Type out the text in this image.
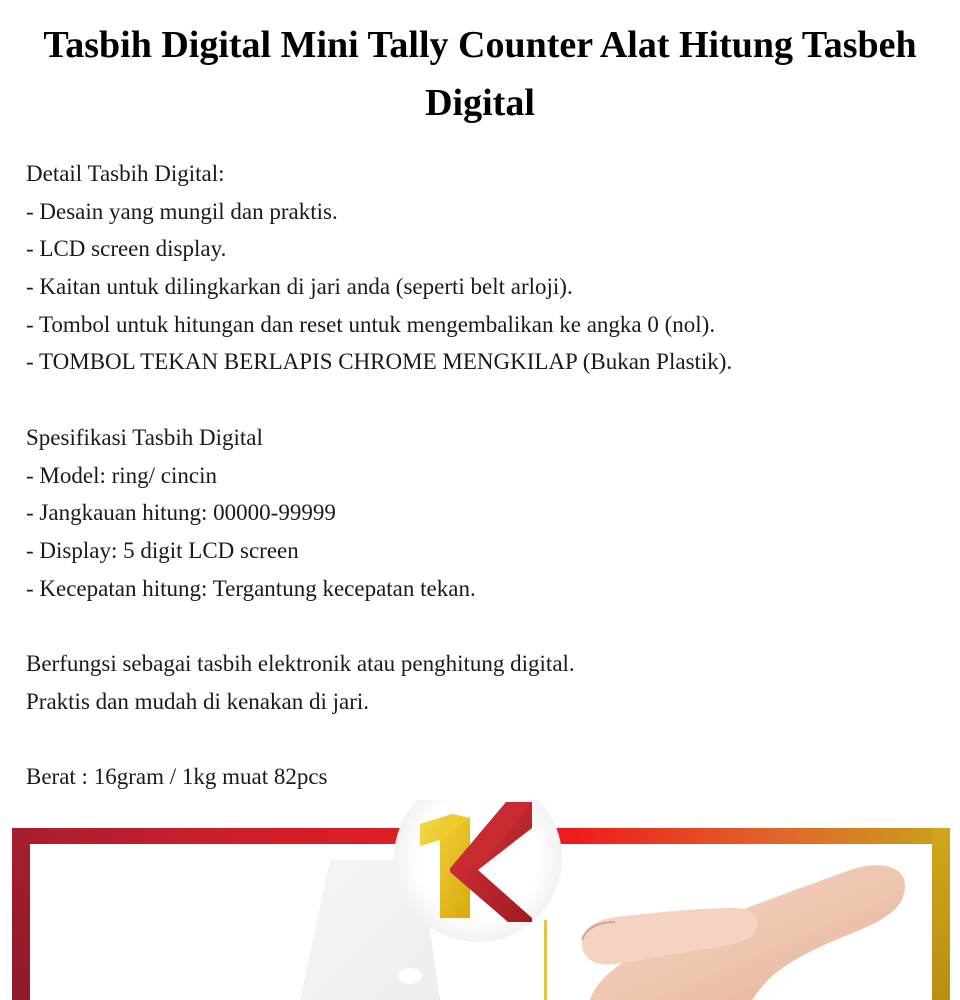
Tasbih Digital Mini Tally Counter Alat Hitung Tasbeh Digital
Detail Tasbih Digital:
- Desain yang mungil dan praktis.
- LCD screen display.
- Kaitan untuk dilingkarkan di jari anda (seperti belt arloji).
- Tombol untuk hitungan dan reset untuk mengembalikan ke angka 0 (nol).
- TOMBOL TEKAN BERLAPIS CHROME MENGKILAP (Bukan Plastik).
Spesifikasi Tasbih Digital
- Model: ring/ cincin
- Jangkauan hitung: 00000-99999
- Display: 5 digit LCD screen
- Kecepatan hitung: Tergantung kecepatan tekan.
Berfungsi sebagai tasbih elektronik atau penghitung digital.
Praktis dan mudah di kenakan di jari.
Berat : 16gram / 1kg muat 82pcs
